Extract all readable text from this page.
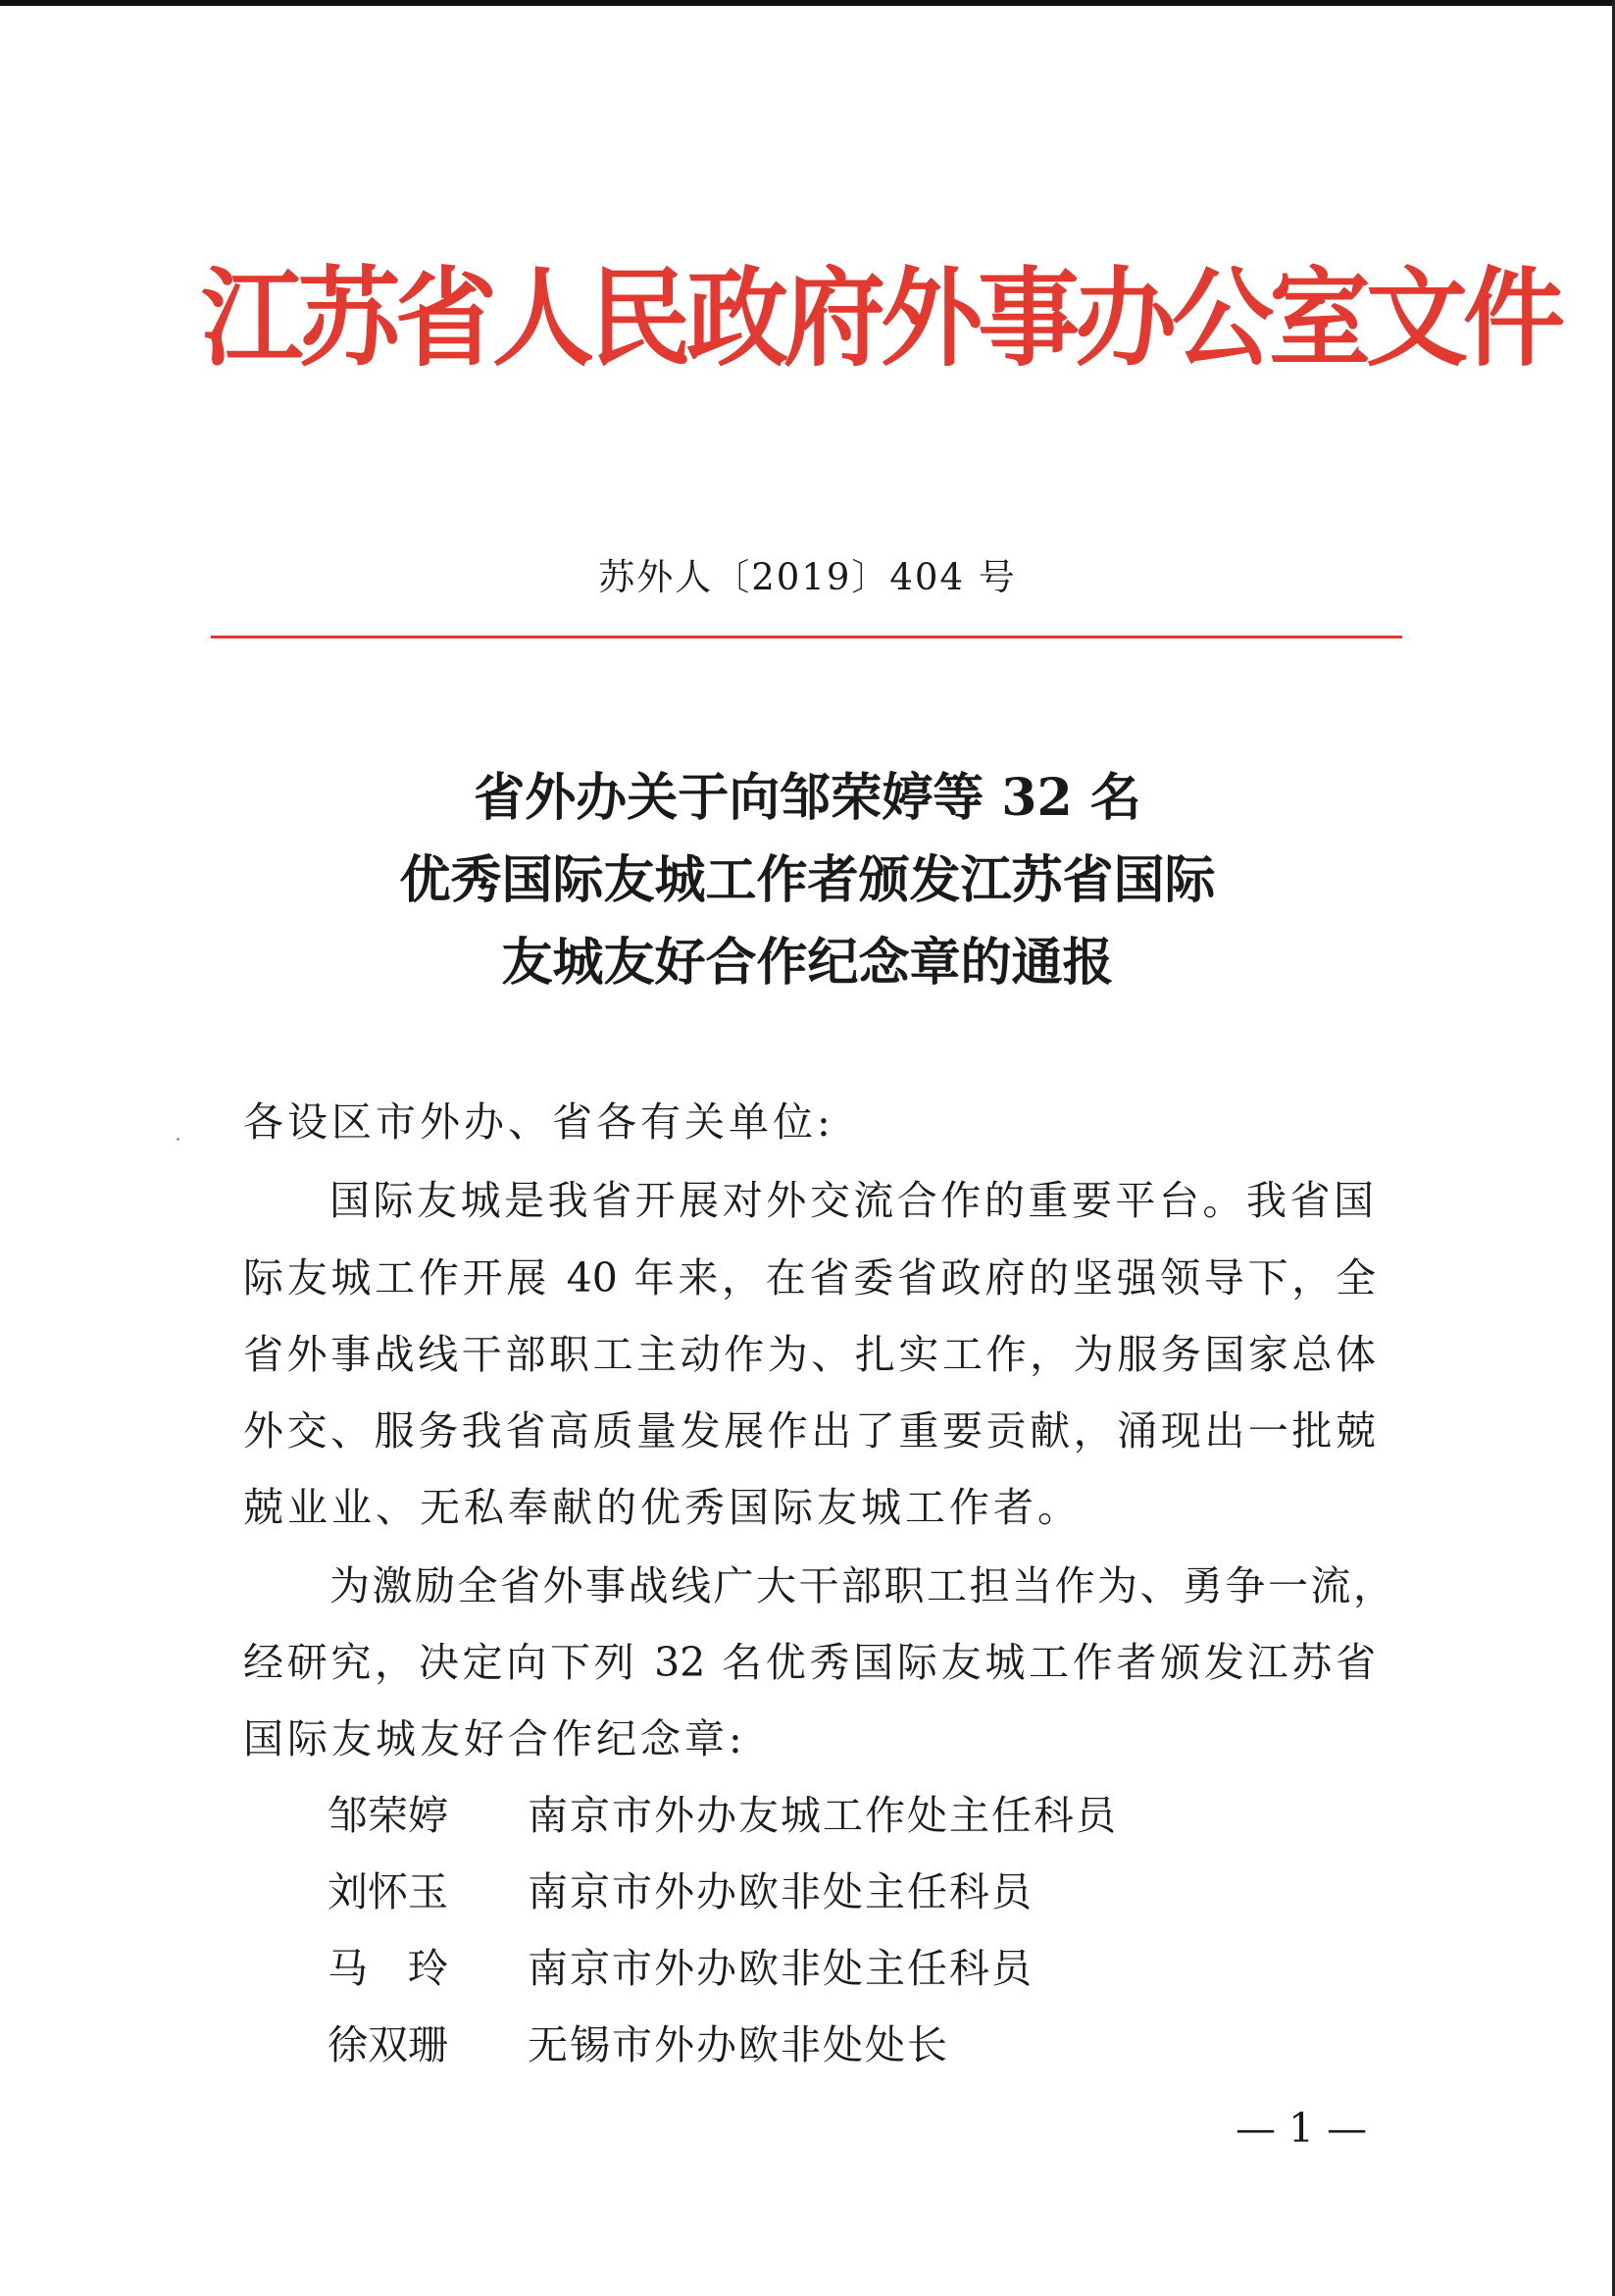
江苏省人民政府外事办公室文件
苏外人〔2019〕404 号
省外办关于向邹荣婷等 32 名
优秀国际友城工作者颁发江苏省国际
友城友好合作纪念章的通报
各设区市外办、省各有关单位:
国际友城是我省开展对外交流合作的重要平台。我省国
际友城工作开展 40 年来，在省委省政府的坚强领导下，全
省外事战线干部职工主动作为、扎实工作，为服务国家总体
外交、服务我省高质量发展作出了重要贡献，涌现出一批兢
兢业业、无私奉献的优秀国际友城工作者。
为激励全省外事战线广大干部职工担当作为、勇争一流，
经研究，决定向下列 32 名优秀国际友城工作者颁发江苏省
国际友城友好合作纪念章:
邹荣婷 南京市外办友城工作处主任科员
刘怀玉 南京市外办欧非处主任科员
马　玲 南京市外办欧非处主任科员
徐双珊 无锡市外办欧非处处长
— 1 —
